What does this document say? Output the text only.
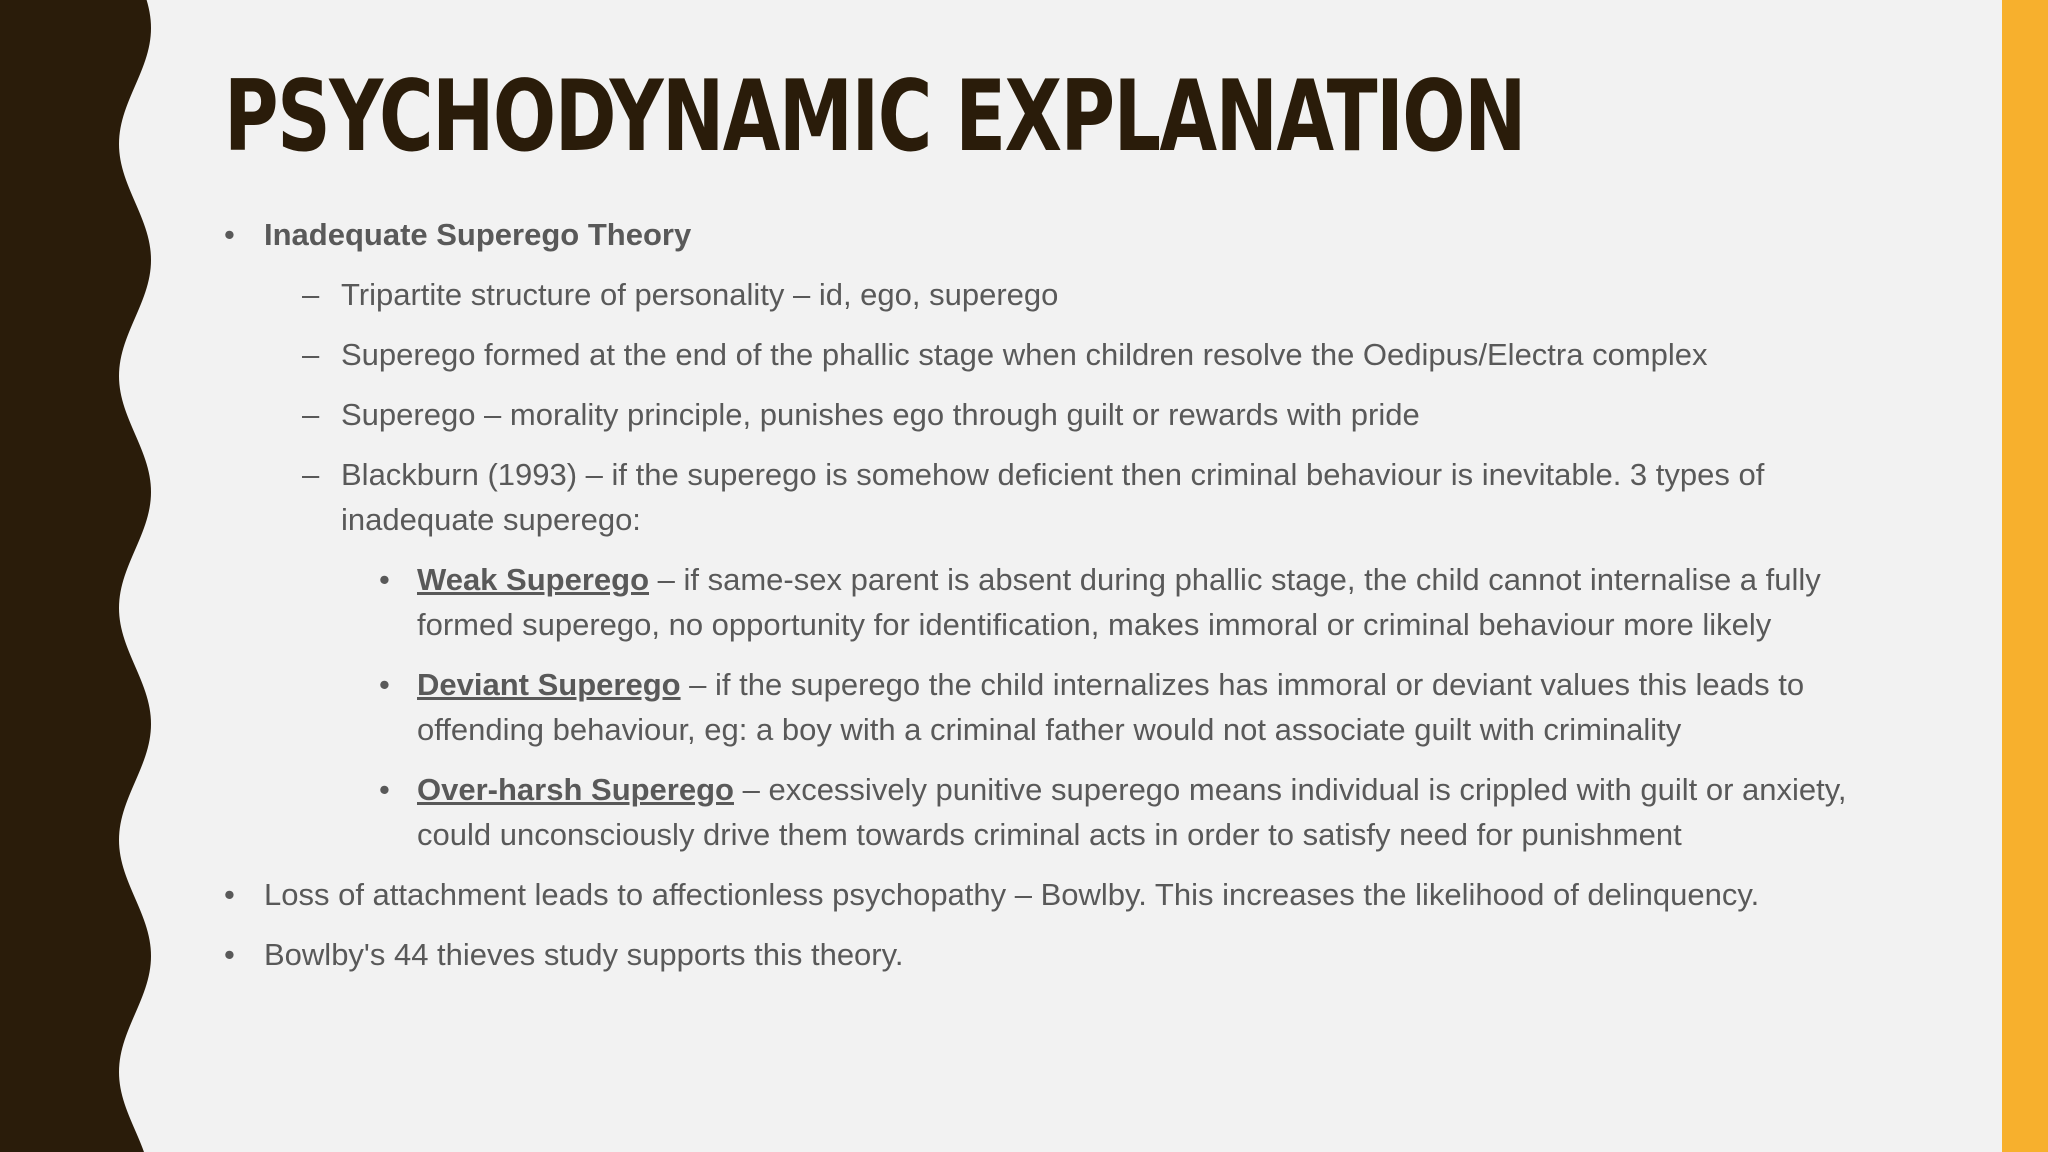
PSYCHODYNAMIC EXPLANATION
• Inadequate Superego Theory
– Tripartite structure of personality – id, ego, superego
– Superego formed at the end of the phallic stage when children resolve the Oedipus/Electra complex
– Superego – morality principle, punishes ego through guilt or rewards with pride
– Blackburn (1993) – if the superego is somehow deficient then criminal behaviour is inevitable. 3 types of inadequate superego:
• Weak Superego – if same-sex parent is absent during phallic stage, the child cannot internalise a fully formed superego, no opportunity for identification, makes immoral or criminal behaviour more likely
• Deviant Superego – if the superego the child internalizes has immoral or deviant values this leads to offending behaviour, eg: a boy with a criminal father would not associate guilt with criminality
• Over-harsh Superego – excessively punitive superego means individual is crippled with guilt or anxiety, could unconsciously drive them towards criminal acts in order to satisfy need for punishment
• Loss of attachment leads to affectionless psychopathy – Bowlby. This increases the likelihood of delinquency.
• Bowlby's 44 thieves study supports this theory.
